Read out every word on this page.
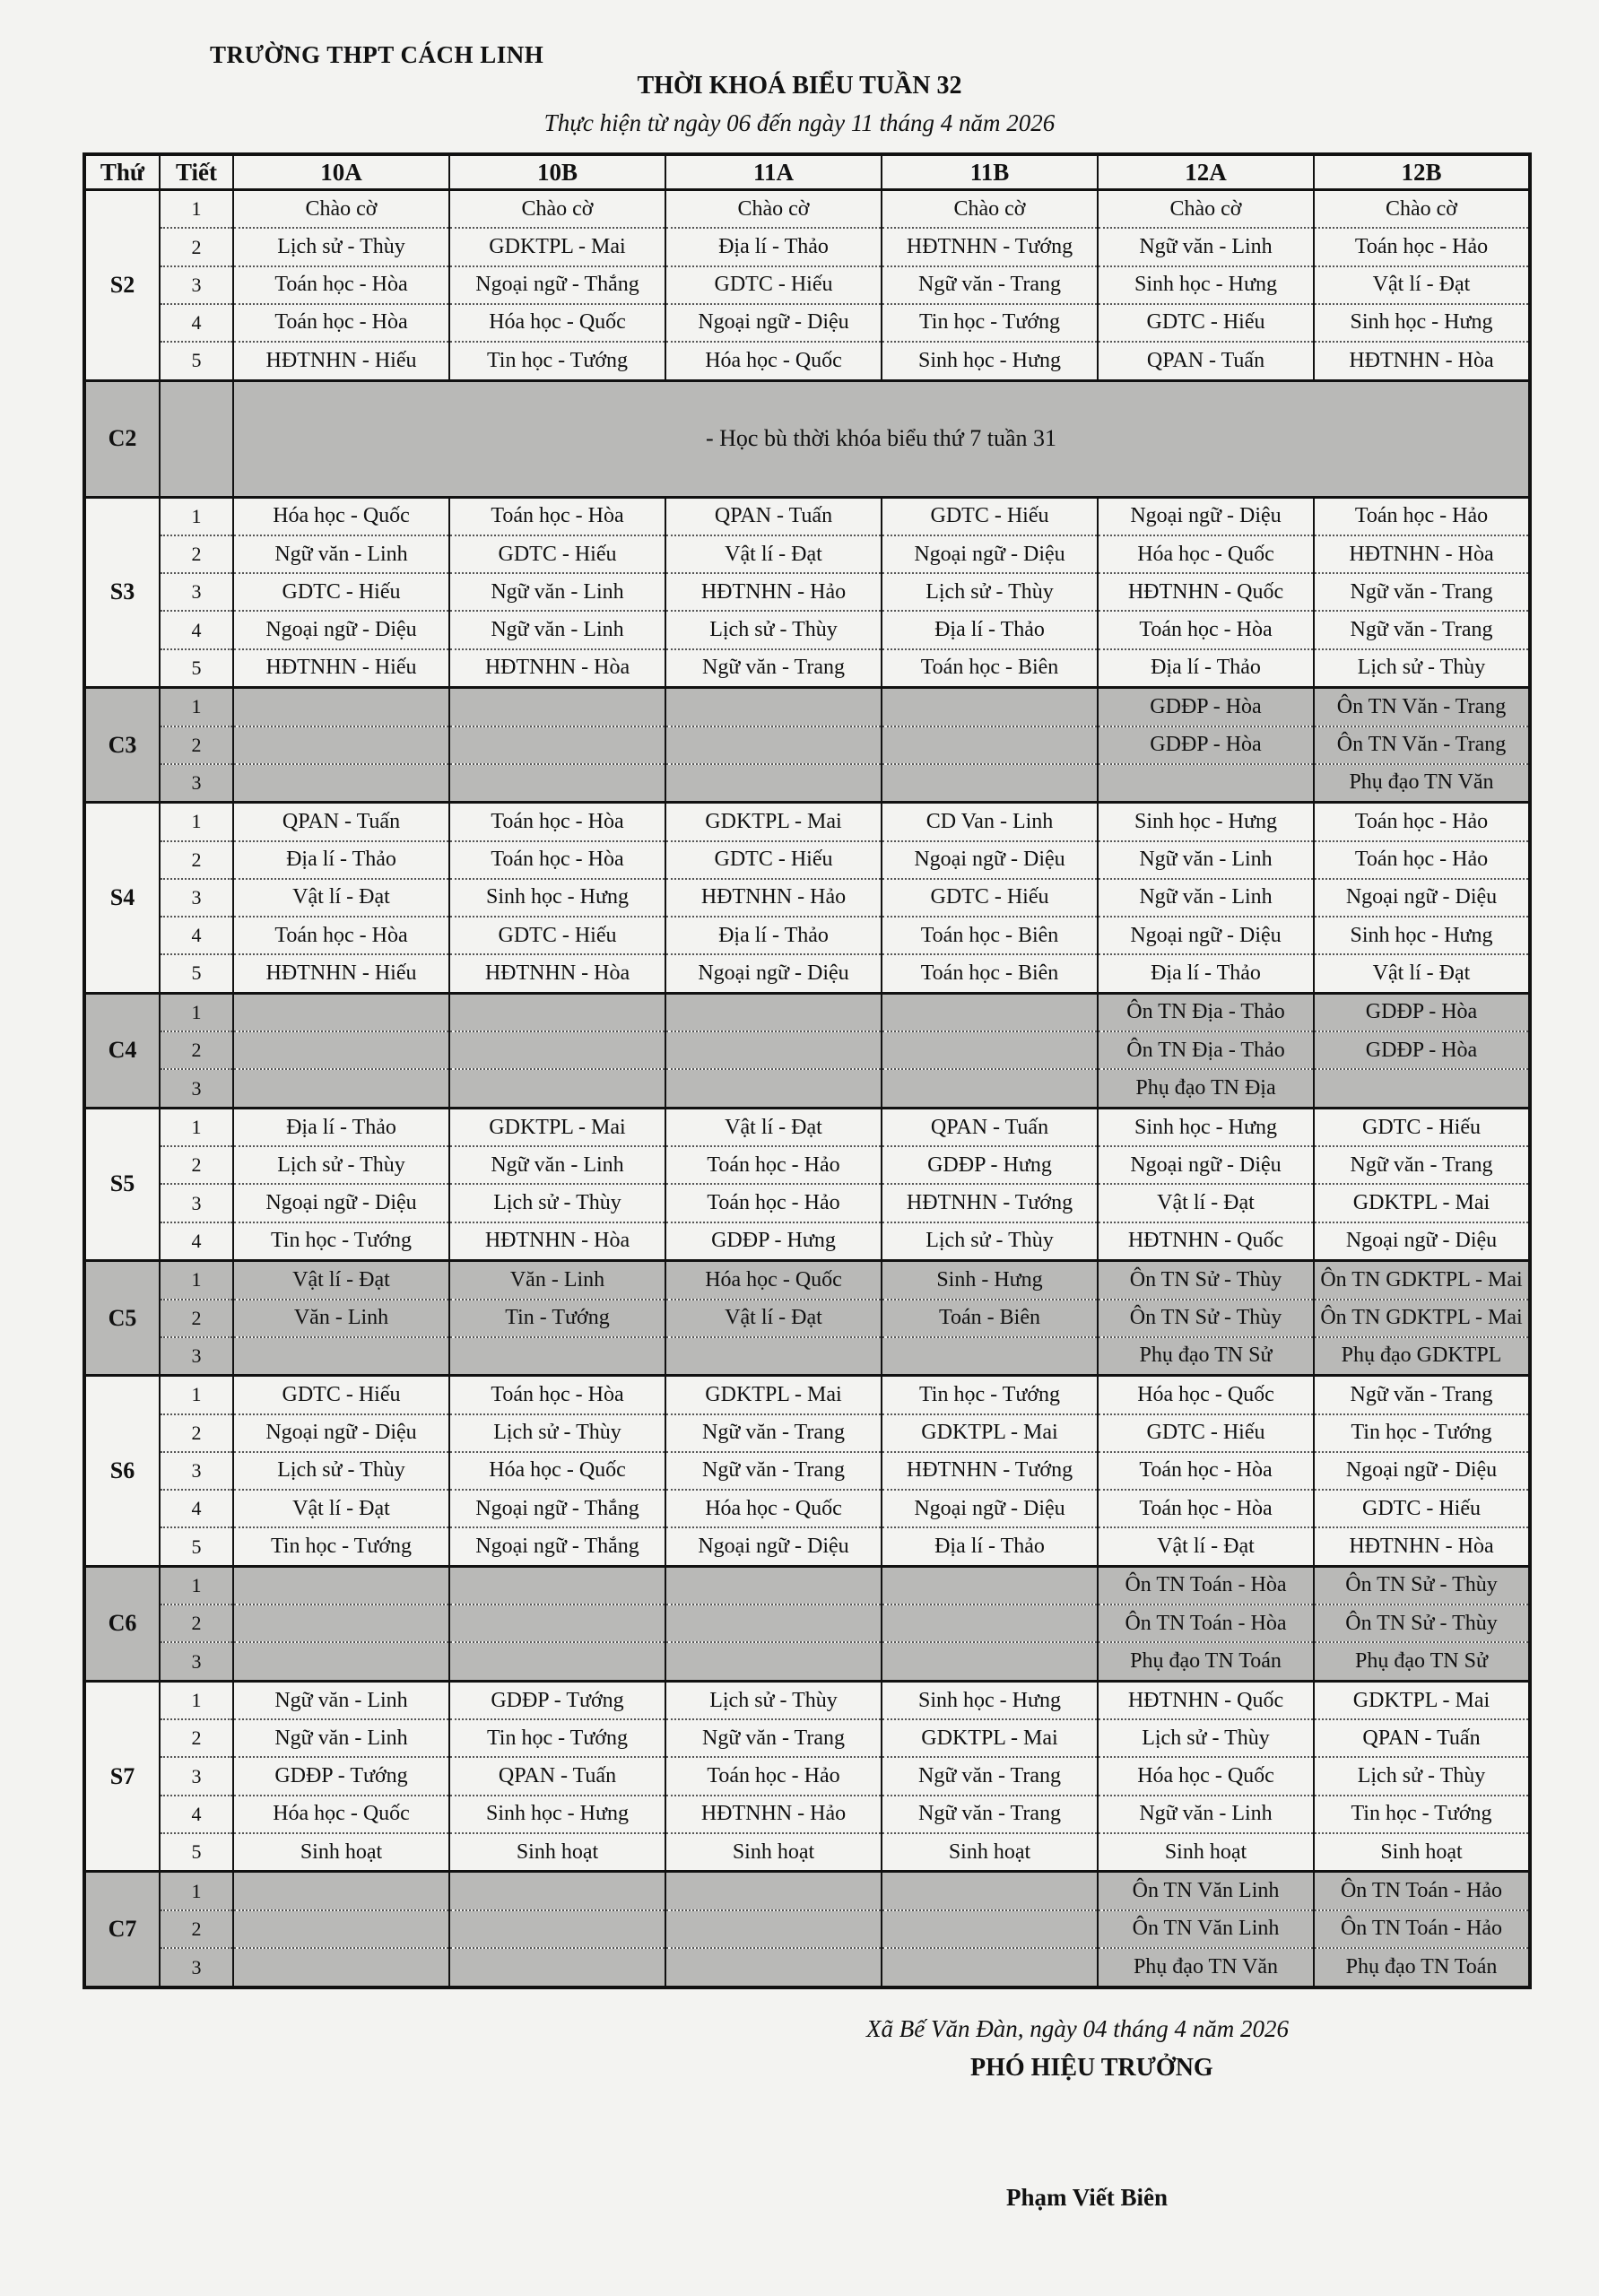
TRƯỜNG THPT CÁCH LINH
THỜI KHOÁ BIỂU TUẦN 32
Thực hiện từ ngày 06 đến ngày 11 tháng 4 năm 2026
Thứ	Tiết	10A	10B	11A	11B	12A	12B
S2	1	Chào cờ	Chào cờ	Chào cờ	Chào cờ	Chào cờ	Chào cờ
	2	Lịch sử - Thùy	GDKTPL - Mai	Địa lí - Thảo	HĐTNHN - Tướng	Ngữ văn - Linh	Toán học - Hảo
	3	Toán học - Hòa	Ngoại ngữ - Thắng	GDTC - Hiếu	Ngữ văn - Trang	Sinh học - Hưng	Vật lí - Đạt
	4	Toán học - Hòa	Hóa học - Quốc	Ngoại ngữ - Diệu	Tin học - Tướng	GDTC - Hiếu	Sinh học - Hưng
	5	HĐTNHN - Hiếu	Tin học - Tướng	Hóa học - Quốc	Sinh học - Hưng	QPAN - Tuấn	HĐTNHN - Hòa
C2		- Học bù thời khóa biểu thứ 7 tuần 31					
S3	1	Hóa học - Quốc	Toán học - Hòa	QPAN - Tuấn	GDTC - Hiếu	Ngoại ngữ - Diệu	Toán học - Hảo
	2	Ngữ văn - Linh	GDTC - Hiếu	Vật lí - Đạt	Ngoại ngữ - Diệu	Hóa học - Quốc	HĐTNHN - Hòa
	3	GDTC - Hiếu	Ngữ văn - Linh	HĐTNHN - Hảo	Lịch sử - Thùy	HĐTNHN - Quốc	Ngữ văn - Trang
	4	Ngoại ngữ - Diệu	Ngữ văn - Linh	Lịch sử - Thùy	Địa lí - Thảo	Toán học - Hòa	Ngữ văn - Trang
	5	HĐTNHN - Hiếu	HĐTNHN - Hòa	Ngữ văn - Trang	Toán học - Biên	Địa lí - Thảo	Lịch sử - Thùy
C3	1					GDĐP - Hòa	Ôn TN Văn - Trang
	2					GDĐP - Hòa	Ôn TN Văn - Trang
	3						Phụ đạo TN Văn
S4	1	QPAN - Tuấn	Toán học - Hòa	GDKTPL - Mai	CD Van - Linh	Sinh học - Hưng	Toán học - Hảo
	2	Địa lí - Thảo	Toán học - Hòa	GDTC - Hiếu	Ngoại ngữ - Diệu	Ngữ văn - Linh	Toán học - Hảo
	3	Vật lí - Đạt	Sinh học - Hưng	HĐTNHN - Hảo	GDTC - Hiếu	Ngữ văn - Linh	Ngoại ngữ - Diệu
	4	Toán học - Hòa	GDTC - Hiếu	Địa lí - Thảo	Toán học - Biên	Ngoại ngữ - Diệu	Sinh học - Hưng
	5	HĐTNHN - Hiếu	HĐTNHN - Hòa	Ngoại ngữ - Diệu	Toán học - Biên	Địa lí - Thảo	Vật lí - Đạt
C4	1					Ôn TN Địa - Thảo	GDĐP - Hòa
	2					Ôn TN Địa - Thảo	GDĐP - Hòa
	3					Phụ đạo TN Địa	
S5	1	Địa lí - Thảo	GDKTPL - Mai	Vật lí - Đạt	QPAN - Tuấn	Sinh học - Hưng	GDTC - Hiếu
	2	Lịch sử - Thùy	Ngữ văn - Linh	Toán học - Hảo	GDĐP - Hưng	Ngoại ngữ - Diệu	Ngữ văn - Trang
	3	Ngoại ngữ - Diệu	Lịch sử - Thùy	Toán học - Hảo	HĐTNHN - Tướng	Vật lí - Đạt	GDKTPL - Mai
	4	Tin học - Tướng	HĐTNHN - Hòa	GDĐP - Hưng	Lịch sử - Thùy	HĐTNHN - Quốc	Ngoại ngữ - Diệu
C5	1	Vật lí - Đạt	Văn - Linh	Hóa học - Quốc	Sinh - Hưng	Ôn TN Sử - Thùy	Ôn TN GDKTPL - Mai
	2	Văn - Linh	Tin - Tướng	Vật lí - Đạt	Toán - Biên	Ôn TN Sử - Thùy	Ôn TN GDKTPL - Mai
	3					Phụ đạo TN Sử	Phụ đạo GDKTPL
S6	1	GDTC - Hiếu	Toán học - Hòa	GDKTPL - Mai	Tin học - Tướng	Hóa học - Quốc	Ngữ văn - Trang
	2	Ngoại ngữ - Diệu	Lịch sử - Thùy	Ngữ văn - Trang	GDKTPL - Mai	GDTC - Hiếu	Tin học - Tướng
	3	Lịch sử - Thùy	Hóa học - Quốc	Ngữ văn - Trang	HĐTNHN - Tướng	Toán học - Hòa	Ngoại ngữ - Diệu
	4	Vật lí - Đạt	Ngoại ngữ - Thắng	Hóa học - Quốc	Ngoại ngữ - Diệu	Toán học - Hòa	GDTC - Hiếu
	5	Tin học - Tướng	Ngoại ngữ - Thắng	Ngoại ngữ - Diệu	Địa lí - Thảo	Vật lí - Đạt	HĐTNHN - Hòa
C6	1					Ôn TN Toán - Hòa	Ôn TN Sử - Thùy
	2					Ôn TN Toán - Hòa	Ôn TN Sử - Thùy
	3					Phụ đạo TN Toán	Phụ đạo TN Sử
S7	1	Ngữ văn - Linh	GDĐP - Tướng	Lịch sử - Thùy	Sinh học - Hưng	HĐTNHN - Quốc	GDKTPL - Mai
	2	Ngữ văn - Linh	Tin học - Tướng	Ngữ văn - Trang	GDKTPL - Mai	Lịch sử - Thùy	QPAN - Tuấn
	3	GDĐP - Tướng	QPAN - Tuấn	Toán học - Hảo	Ngữ văn - Trang	Hóa học - Quốc	Lịch sử - Thùy
	4	Hóa học - Quốc	Sinh học - Hưng	HĐTNHN - Hảo	Ngữ văn - Trang	Ngữ văn - Linh	Tin học - Tướng
	5	Sinh hoạt	Sinh hoạt	Sinh hoạt	Sinh hoạt	Sinh hoạt	Sinh hoạt
C7	1					Ôn TN Văn Linh	Ôn TN Toán - Hảo
	2					Ôn TN Văn Linh	Ôn TN Toán - Hảo
	3					Phụ đạo TN Văn	Phụ đạo TN Toán
Xã Bế Văn Đàn, ngày 04 tháng 4 năm 2026
PHÓ HIỆU TRƯỞNG
Phạm Viết Biên
